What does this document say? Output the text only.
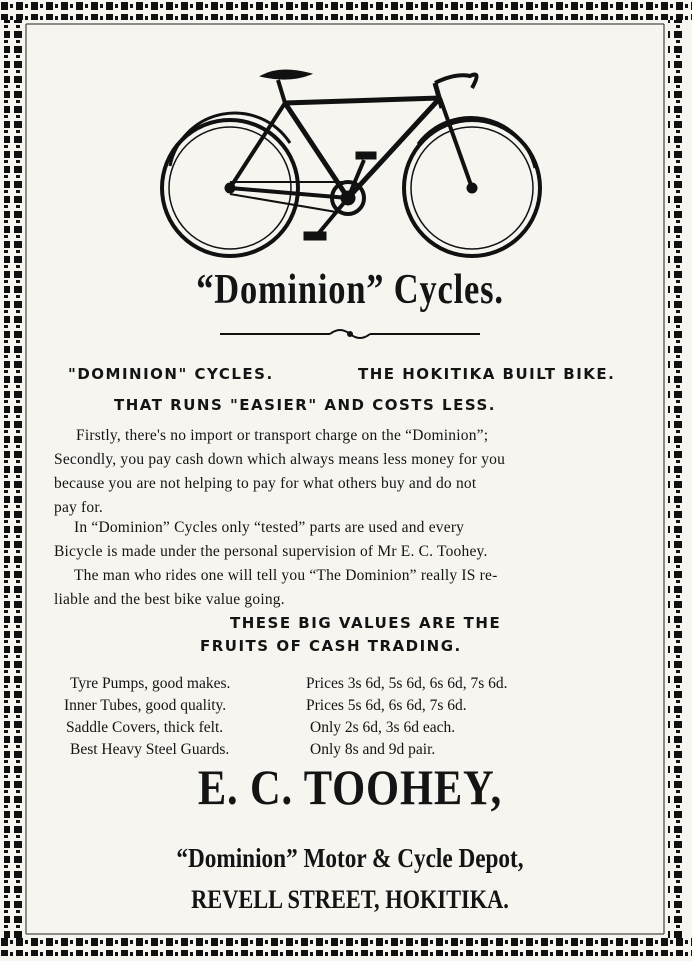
“Dominion” Cycles.
"DOMINION" CYCLES.	THE HOKITIKA BUILT BIKE.
THAT RUNS "EASIER" AND COSTS LESS.
Firstly, there's no import or transport charge on the “Dominion”;
Secondly, you pay cash down which always means less money for you
because you are not helping to pay for what others buy and do not
pay for.
In “Dominion” Cycles only “tested” parts are used and every
Bicycle is made under the personal supervision of Mr E. C. Toohey.
The man who rides one will tell you “The Dominion” really IS re-
liable and the best bike value going.
THESE BIG VALUES ARE THE
FRUITS OF CASH TRADING.
Tyre Pumps, good makes.	Prices 3s 6d, 5s 6d, 6s 6d, 7s 6d.
Inner Tubes, good quality.	Prices 5s 6d, 6s 6d, 7s 6d.
Saddle Covers, thick felt.	Only 2s 6d, 3s 6d each.
Best Heavy Steel Guards.	Only 8s and 9d pair.
E. C. TOOHEY,
“Dominion” Motor & Cycle Depot,
REVELL STREET, HOKITIKA.
